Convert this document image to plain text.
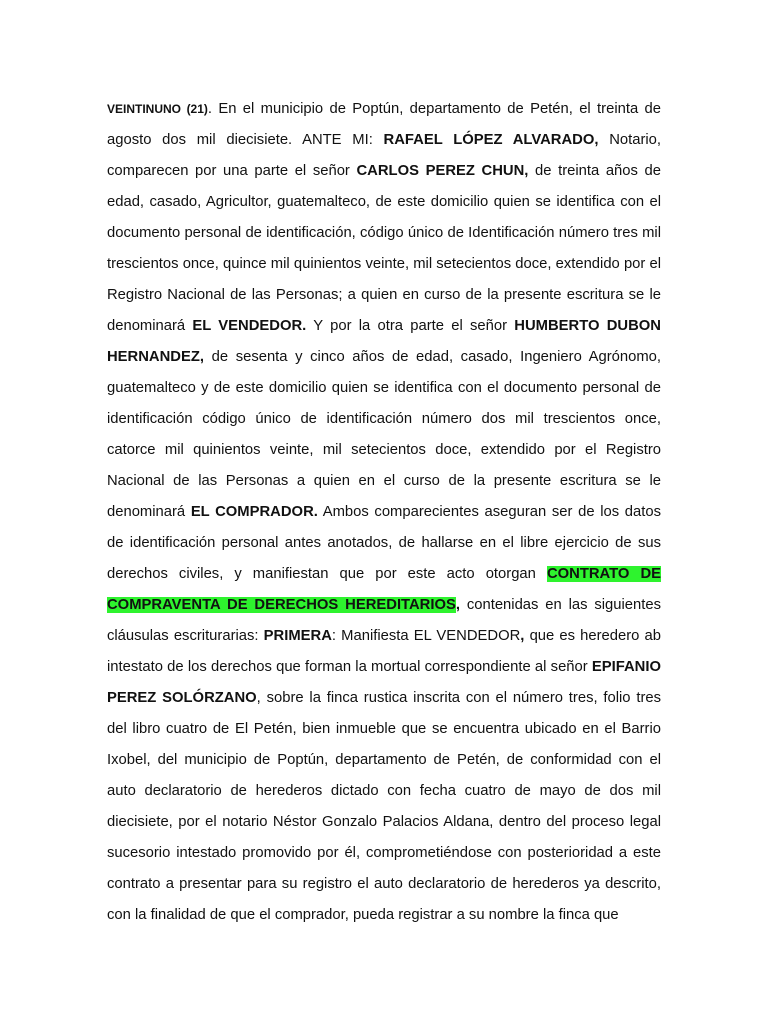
VEINTINUNO (21). En el municipio de Poptún, departamento de Petén, el treinta de agosto dos mil diecisiete. ANTE MI: RAFAEL LÓPEZ ALVARADO, Notario, comparecen por una parte el señor CARLOS PEREZ CHUN, de treinta años de edad, casado, Agricultor, guatemalteco, de este domicilio quien se identifica con el documento personal de identificación, código único de Identificación número tres mil trescientos once, quince mil quinientos veinte, mil setecientos doce, extendido por el Registro Nacional de las Personas; a quien en curso de la presente escritura se le denominará EL VENDEDOR. Y por la otra parte el señor HUMBERTO DUBON HERNANDEZ, de sesenta y cinco años de edad, casado, Ingeniero Agrónomo, guatemalteco y de este domicilio quien se identifica con el documento personal de identificación código único de identificación número dos mil trescientos once, catorce mil quinientos veinte, mil setecientos doce, extendido por el Registro Nacional de las Personas a quien en el curso de la presente escritura se le denominará EL COMPRADOR. Ambos comparecientes aseguran ser de los datos de identificación personal antes anotados, de hallarse en el libre ejercicio de sus derechos civiles, y manifiestan que por este acto otorgan CONTRATO DE COMPRAVENTA DE DERECHOS HEREDITARIOS, contenidas en las siguientes cláusulas escriturarias: PRIMERA: Manifiesta EL VENDEDOR, que es heredero ab intestato de los derechos que forman la mortual correspondiente al señor EPIFANIO PEREZ SOLÓRZANO, sobre la finca rustica inscrita con el número tres, folio tres del libro cuatro de El Petén, bien inmueble que se encuentra ubicado en el Barrio Ixobel, del municipio de Poptún, departamento de Petén, de conformidad con el auto declaratorio de herederos dictado con fecha cuatro de mayo de dos mil diecisiete, por el notario Néstor Gonzalo Palacios Aldana, dentro del proceso legal sucesorio intestado promovido por él, comprometiéndose con posterioridad a este contrato a presentar para su registro el auto declaratorio de herederos ya descrito, con la finalidad de que el comprador, pueda registrar a su nombre la finca que
